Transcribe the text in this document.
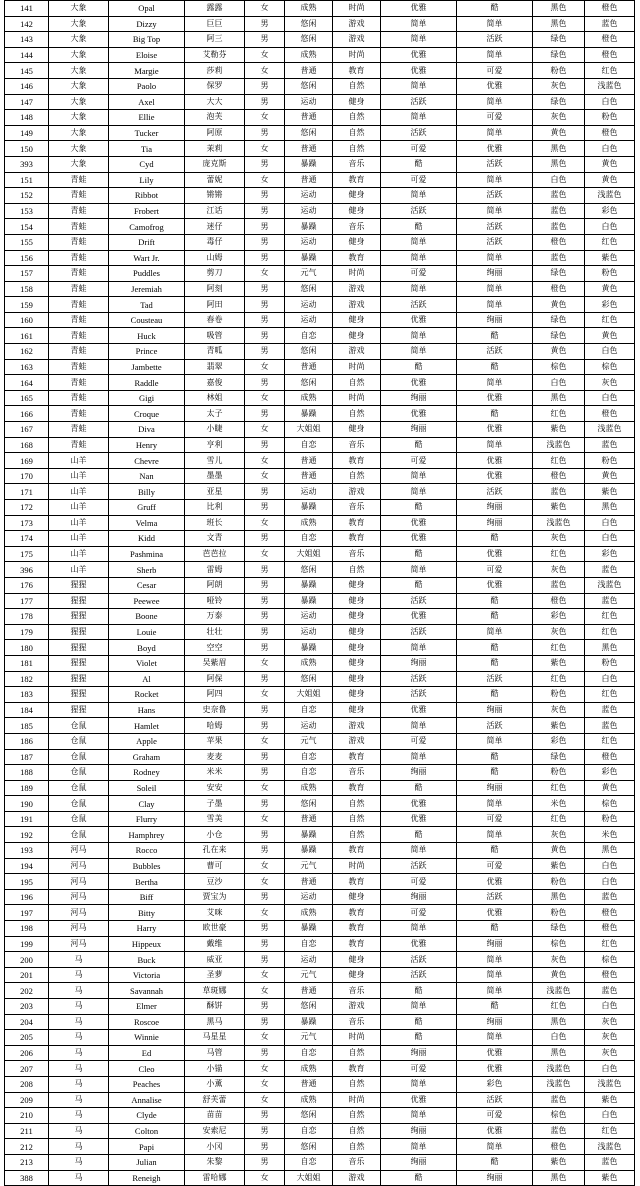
141	大象	Opal	露露	女	成熟	时尚	优雅	酷	黑色	橙色
142	大象	Dizzy	巨巨	男	悠闲	游戏	简单	简单	黑色	蓝色
143	大象	Big Top	阿三	男	悠闲	游戏	简单	活跃	绿色	橙色
144	大象	Eloise	艾勒芬	女	成熟	时尚	优雅	简单	绿色	橙色
145	大象	Margie	莎莉	女	普通	教育	优雅	可爱	粉色	红色
146	大象	Paolo	保罗	男	悠闲	自然	简单	优雅	灰色	浅蓝色
147	大象	Axel	大大	男	运动	健身	活跃	简单	绿色	白色
148	大象	Ellie	泡芙	女	普通	自然	简单	可爱	灰色	粉色
149	大象	Tucker	阿原	男	悠闲	自然	活跃	简单	黄色	橙色
150	大象	Tia	茉莉	女	普通	自然	可爱	优雅	黑色	白色
393	大象	Cyd	庞克斯	男	暴躁	音乐	酷	活跃	黑色	黄色
151	青蛙	Lily	蕾妮	女	普通	教育	可爱	简单	白色	黄色
152	青蛙	Ribbot	锵锵	男	运动	健身	简单	活跃	蓝色	浅蓝色
153	青蛙	Frobert	江话	男	运动	健身	活跃	简单	蓝色	彩色
154	青蛙	Camofrog	迷仔	男	暴躁	音乐	酷	活跃	蓝色	白色
155	青蛙	Drift	毒仔	男	运动	健身	简单	活跃	橙色	红色
156	青蛙	Wart Jr.	山姆	男	暴躁	教育	简单	简单	蓝色	紫色
157	青蛙	Puddles	剪刀	女	元气	时尚	可爱	绚丽	绿色	粉色
158	青蛙	Jeremiah	阿刻	男	悠闲	游戏	简单	简单	橙色	黄色
159	青蛙	Tad	阿田	男	运动	游戏	活跃	简单	黄色	彩色
160	青蛙	Cousteau	春卷	男	运动	健身	优雅	绚丽	绿色	红色
161	青蛙	Huck	吸管	男	自恋	健身	简单	酷	绿色	黄色
162	青蛙	Prince	青呱	男	悠闲	游戏	简单	活跃	黄色	白色
163	青蛙	Jambette	翡翠	女	普通	时尚	酷	酷	棕色	棕色
164	青蛙	Raddle	嘉俊	男	悠闲	自然	优雅	简单	白色	灰色
165	青蛙	Gigi	林姐	女	成熟	时尚	绚丽	优雅	黑色	白色
166	青蛙	Croque	太子	男	暴躁	自然	优雅	酷	红色	橙色
167	青蛙	Diva	小睫	女	大姐姐	健身	绚丽	优雅	紫色	浅蓝色
168	青蛙	Henry	亨利	男	自恋	音乐	酷	简单	浅蓝色	蓝色
169	山羊	Chevre	雪儿	女	普通	教育	可爱	优雅	红色	粉色
170	山羊	Nan	墨墨	女	普通	自然	简单	优雅	橙色	黄色
171	山羊	Billy	亚星	男	运动	游戏	简单	活跃	蓝色	紫色
172	山羊	Gruff	比利	男	暴躁	音乐	酷	绚丽	紫色	黑色
173	山羊	Velma	班长	女	成熟	教育	优雅	绚丽	浅蓝色	白色
174	山羊	Kidd	文青	男	自恋	教育	优雅	酷	灰色	白色
175	山羊	Pashmina	芭芭拉	女	大姐姐	音乐	酷	优雅	红色	彩色
396	山羊	Sherb	雷姆	男	悠闲	自然	简单	可爱	灰色	蓝色
176	猩猩	Cesar	阿朗	男	暴躁	健身	酷	优雅	蓝色	浅蓝色
177	猩猩	Peewee	哑铃	男	暴躁	健身	活跃	酷	橙色	蓝色
178	猩猩	Boone	万泰	男	运动	健身	优雅	酷	彩色	红色
179	猩猩	Louie	壮壮	男	运动	健身	活跃	简单	灰色	红色
180	猩猩	Boyd	空空	男	暴躁	健身	简单	酷	红色	黑色
181	猩猩	Violet	吴紫眉	女	成熟	健身	绚丽	酷	紫色	粉色
182	猩猩	Al	阿保	男	悠闲	健身	活跃	活跃	红色	白色
183	猩猩	Rocket	阿四	女	大姐姐	健身	活跃	酷	粉色	红色
184	猩猩	Hans	史奈鲁	男	自恋	健身	优雅	绚丽	灰色	蓝色
185	仓鼠	Hamlet	哈姆	男	运动	游戏	简单	活跃	紫色	蓝色
186	仓鼠	Apple	苹果	女	元气	游戏	可爱	简单	彩色	红色
187	仓鼠	Graham	麦麦	男	自恋	教育	简单	酷	绿色	橙色
188	仓鼠	Rodney	米米	男	自恋	音乐	绚丽	酷	粉色	彩色
189	仓鼠	Soleil	安安	女	成熟	教育	酷	绚丽	红色	黄色
190	仓鼠	Clay	子墨	男	悠闲	自然	优雅	简单	米色	棕色
191	仓鼠	Flurry	雪美	女	普通	自然	优雅	可爱	红色	粉色
192	仓鼠	Hamphrey	小仓	男	暴躁	自然	酷	简单	灰色	米色
193	河马	Rocco	孔在来	男	暴躁	教育	简单	酷	黄色	黑色
194	河马	Bubbles	曹可	女	元气	时尚	活跃	可爱	紫色	白色
195	河马	Bertha	豆沙	女	普通	教育	可爱	优雅	粉色	白色
196	河马	Biff	贾宝为	男	运动	健身	绚丽	活跃	黑色	蓝色
197	河马	Bitty	艾咪	女	成熟	教育	可爱	优雅	粉色	橙色
198	河马	Harry	欧世豪	男	暴躁	教育	简单	酷	绿色	橙色
199	河马	Hippeux	戴维	男	自恋	教育	优雅	绚丽	棕色	红色
200	马	Buck	威亚	男	运动	健身	活跃	简单	灰色	棕色
201	马	Victoria	圣萝	女	元气	健身	活跃	简单	黄色	橙色
202	马	Savannah	草斑娜	女	普通	音乐	酷	简单	浅蓝色	蓝色
203	马	Elmer	酥饼	男	悠闲	游戏	简单	酷	红色	白色
204	马	Roscoe	黑马	男	暴躁	音乐	酷	绚丽	黑色	灰色
205	马	Winnie	马星星	女	元气	时尚	酷	简单	白色	灰色
206	马	Ed	马管	男	自恋	自然	绚丽	优雅	黑色	灰色
207	马	Cleo	小锚	女	成熟	教育	可爱	优雅	浅蓝色	白色
208	马	Peaches	小薰	女	普通	自然	简单	彩色	浅蓝色	浅蓝色
209	马	Annalise	舒芙蕾	女	成熟	时尚	优雅	活跃	蓝色	紫色
210	马	Clyde	苗苗	男	悠闲	自然	简单	可爱	棕色	白色
211	马	Colton	安索尼	男	自恋	自然	绚丽	优雅	蓝色	红色
212	马	Papi	小冈	男	悠闲	自然	简单	简单	橙色	浅蓝色
213	马	Julian	朱黎	男	自恋	音乐	绚丽	酷	紫色	蓝色
388	马	Reneigh	雷哈娜	女	大姐姐	游戏	酷	绚丽	黑色	紫色
